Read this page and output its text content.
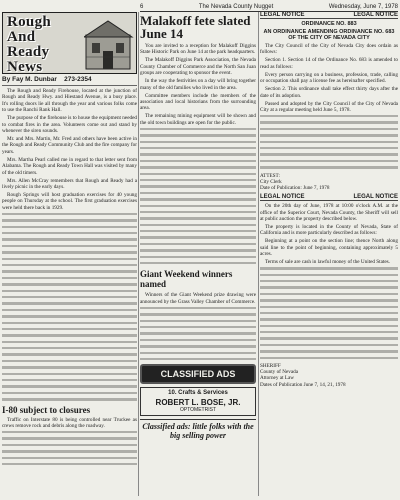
6	The Nevada County Nugget	Wednesday, June 7, 1978
Rough
And
Ready
News
By Fay M. Dunbar 273-2354

The Rough and Ready Firehouse, located at the junction of Rough and Ready Hwy. and Hiestand Avenue, is a busy place. It's rolling doors lie all through the year and various folks come to use the Ranchi Rank Hall.

The purpose of the firehouse is to house the equipment needed to combat fires in the area. Volunteers come out and stand by whenever the siren sounds.

Mr. and Mrs. Martin, Mr. Fred and others have been active in the Rough and Ready Community Club and the fire company for years.

Mrs. Martha Pearl called me in regard to that letter sent from Alabama. The Rough and Ready Town Hall was visited by many of the old timers.

Mrs. Allen McCray remembers that Rough and Ready had a lively picnic in the early days.

Rough Springs will host graduation exercises for 40 young people on Thursday at the school. The first graduation exercises were held there back in 1929.

I-80 subject to closures

Traffic on Interstate 80 is being controlled near Truckee as crews remove rock and debris along the roadway.

Malakoff fete slated June 14

You are invited to a reception for Malakoff Diggins State Historic Park on June 14 at the park headquarters.

The Malakoff Diggins Park Association, the Nevada County Chamber of Commerce and the North San Juan groups are cooperating to sponsor the event.

In the way the festivities on a day will bring together many of the old families who lived in the area.

Committee members include the members of the association and local historians from the surrounding area.

The remaining mining equipment will be shown and the old town buildings are open for the public.

Giant Weekend winners named

Winners of the Giant Weekend prize drawing were announced by the Grass Valley Chamber of Commerce.

CLASSIFIED ADS
10. Crafts & Services
ROBERT L. BOSE, JR.
OPTOMETRIST
Classified ads: little folks with the big selling power
LEGAL NOTICE	LEGAL NOTICE
ORDINANCE NO. 883
AN ORDINANCE AMENDING ORDINANCE NO. 683 OF THE CITY OF NEVADA CITY

The City Council of the City of Nevada City does ordain as follows:

Section 1. Section 14 of the Ordinance No. 683 is amended to read as follows:

Every person carrying on a business, profession, trade, calling or occupation shall pay a license fee as hereinafter specified.

Section 2. This ordinance shall take effect thirty days after the date of its adoption.

Passed and adopted by the City Council of the City of Nevada City at a regular meeting held June 5, 1978.

ATTEST:
City Clerk
Date of Publication: June 7, 1978
LEGAL NOTICE	LEGAL NOTICE

On the 20th day of June, 1978 at 10:00 o'clock A.M. at the office of the Superior Court, Nevada County, the Sheriff will sell at public auction the property described below.

The property is located in the County of Nevada, State of California and is more particularly described as follows:

Beginning at a point on the section line; thence North along said line to the point of beginning, containing approximately 5 acres.

Terms of sale are cash in lawful money of the United States.

SHERIFF
County of Nevada
Attorney at Law
Dates of Publication June 7, 14, 21, 1978
